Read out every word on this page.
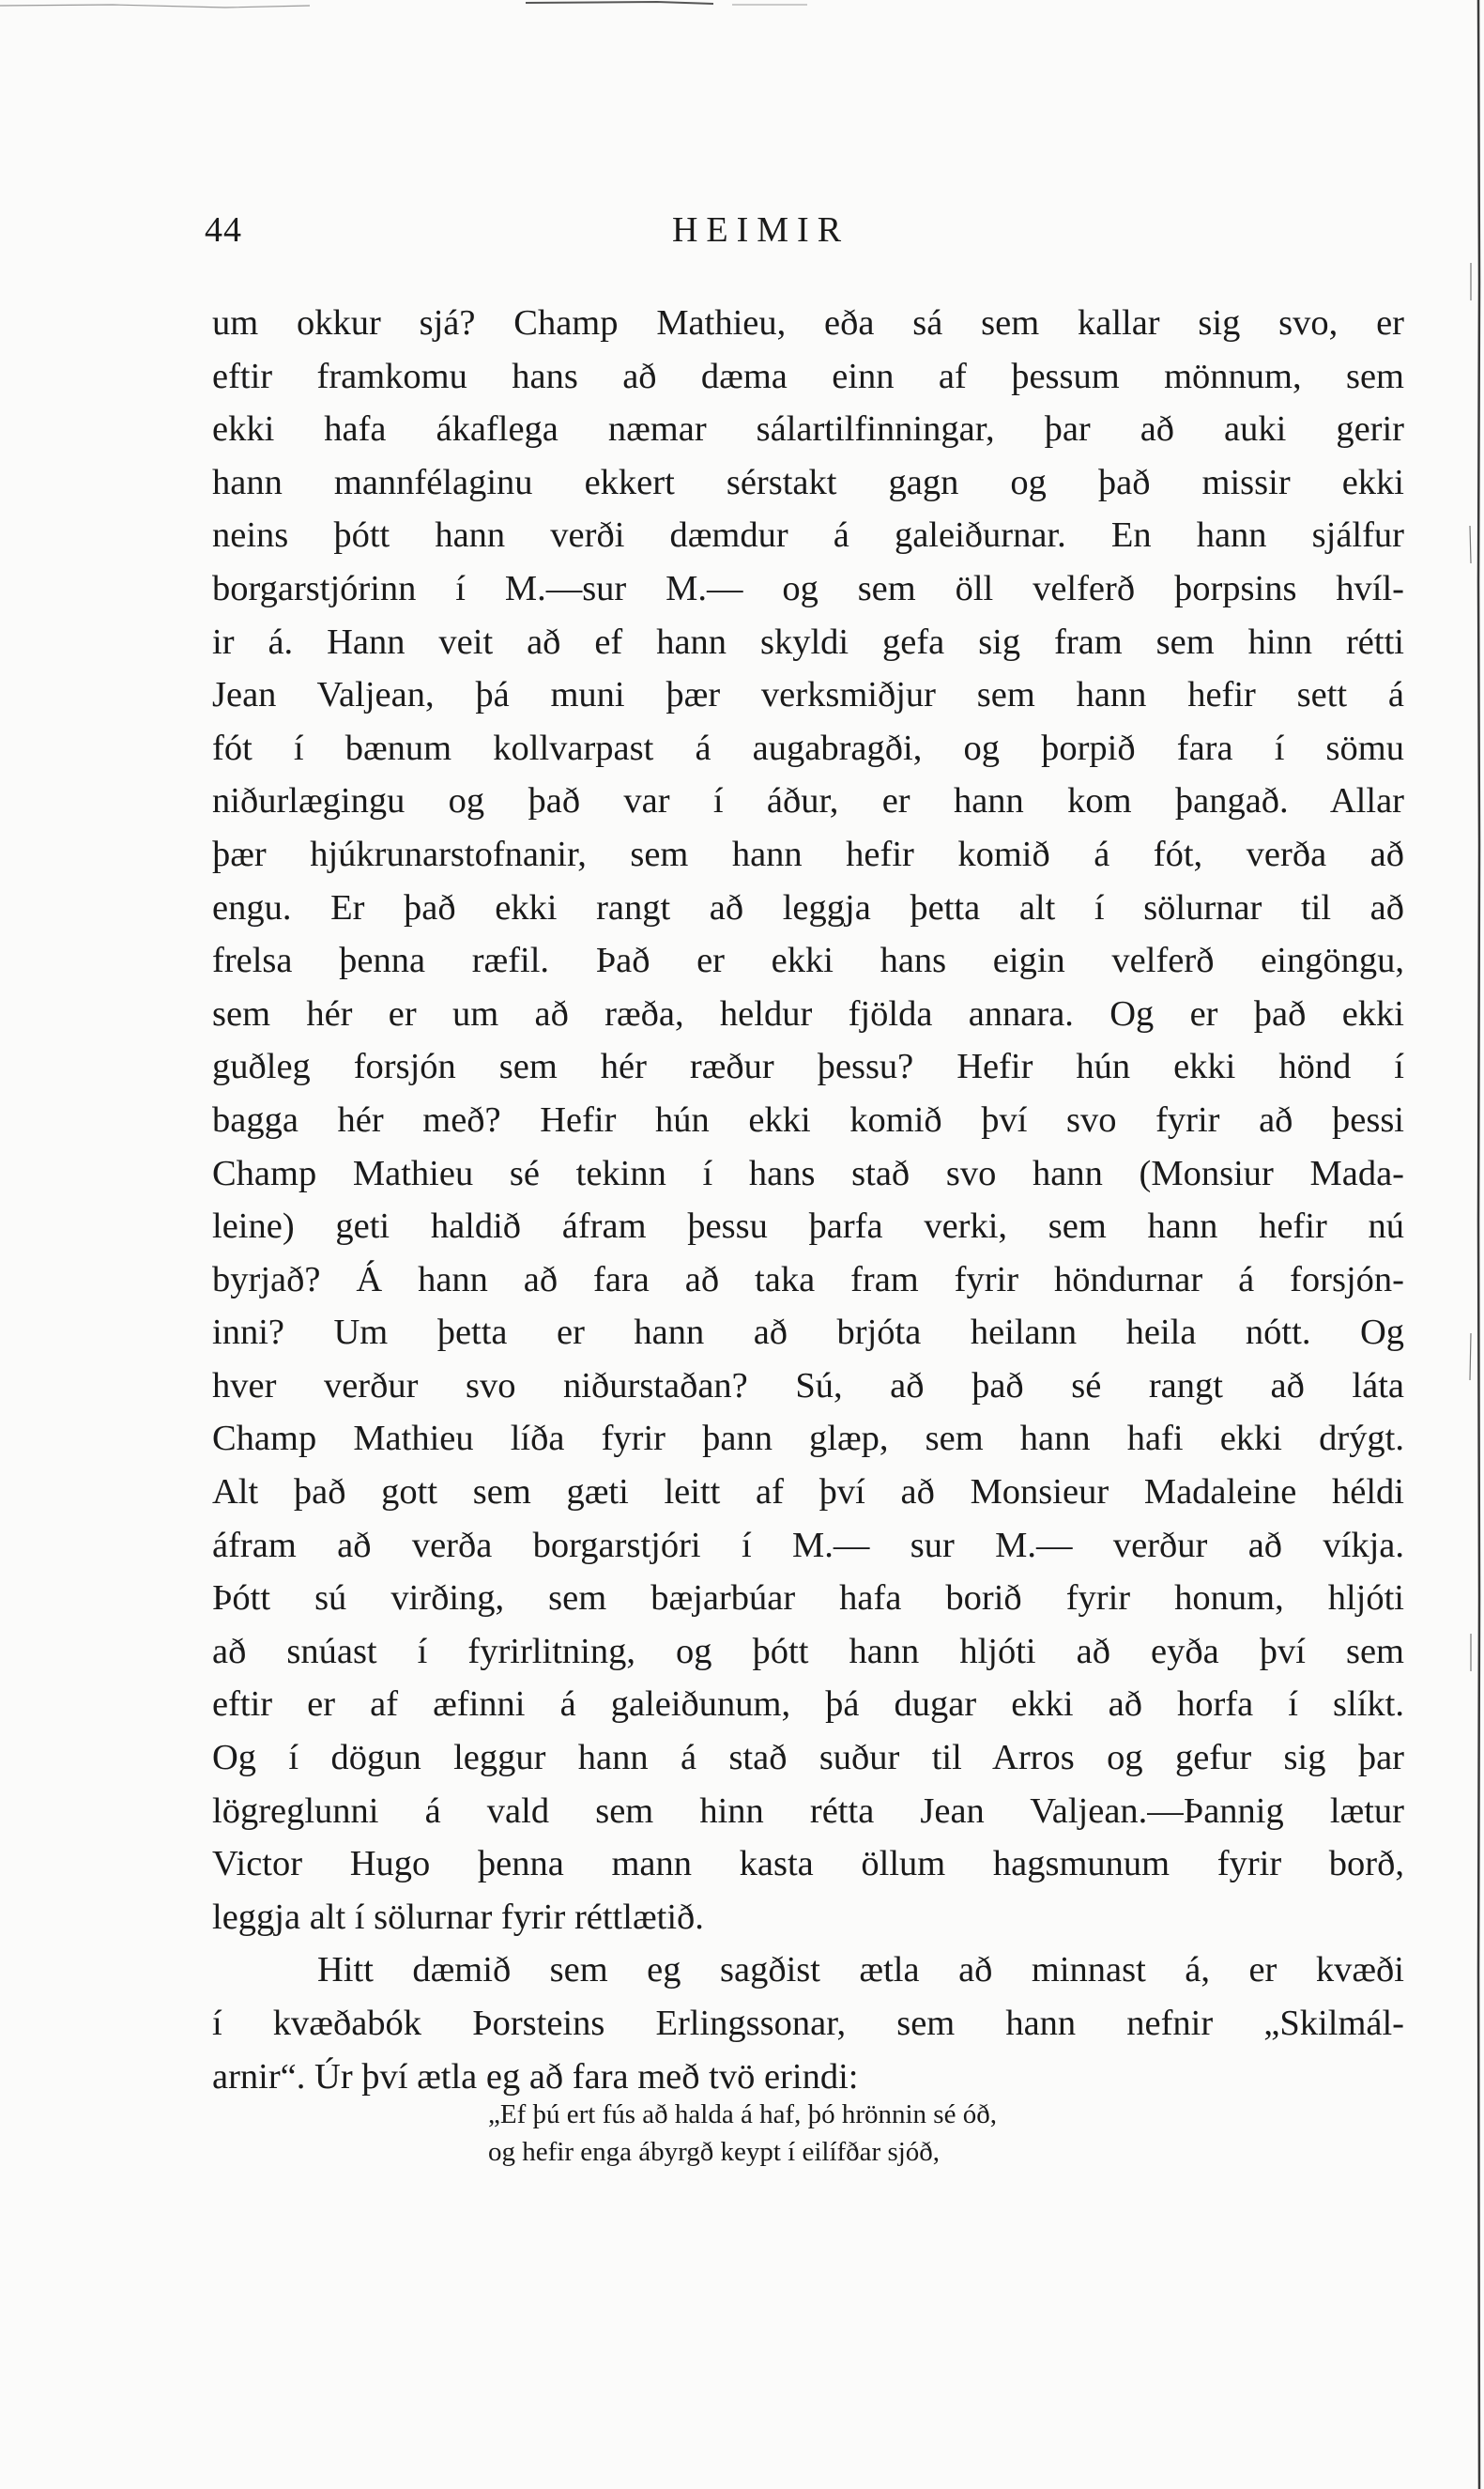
44	HEIMIR
um okkur sjá? Champ Mathieu, eða sá sem kallar sig svo, er
eftir framkomu hans að dæma einn af þessum mönnum, sem
ekki hafa ákaflega næmar sálartilfinningar, þar að auki gerir
hann mannfélaginu ekkert sérstakt gagn og það missir ekki
neins þótt hann verði dæmdur á galeiðurnar. En hann sjálfur
borgarstjórinn í M.—sur M.— og sem öll velferð þorpsins hvíl-
ir á. Hann veit að ef hann skyldi gefa sig fram sem hinn rétti
Jean Valjean, þá muni þær verksmiðjur sem hann hefir sett á
fót í bænum kollvarpast á augabragði, og þorpið fara í sömu
niðurlægingu og það var í áður, er hann kom þangað. Allar
þær hjúkrunarstofnanir, sem hann hefir komið á fót, verða að
engu. Er það ekki rangt að leggja þetta alt í sölurnar til að
frelsa þenna ræfil. Það er ekki hans eigin velferð eingöngu,
sem hér er um að ræða, heldur fjölda annara. Og er það ekki
guðleg forsjón sem hér ræður þessu? Hefir hún ekki hönd í
bagga hér með? Hefir hún ekki komið því svo fyrir að þessi
Champ Mathieu sé tekinn í hans stað svo hann (Monsiur Mada-
leine) geti haldið áfram þessu þarfa verki, sem hann hefir nú
byrjað? Á hann að fara að taka fram fyrir höndurnar á forsjón-
inni? Um þetta er hann að brjóta heilann heila nótt. Og
hver verður svo niðurstaðan? Sú, að það sé rangt að láta
Champ Mathieu líða fyrir þann glæp, sem hann hafi ekki drýgt.
Alt það gott sem gæti leitt af því að Monsieur Madaleine héldi
áfram að verða borgarstjóri í M.— sur M.— verður að víkja.
Þótt sú virðing, sem bæjarbúar hafa borið fyrir honum, hljóti
að snúast í fyrirlitning, og þótt hann hljóti að eyða því sem
eftir er af æfinni á galeiðunum, þá dugar ekki að horfa í slíkt.
Og í dögun leggur hann á stað suður til Arros og gefur sig þar
lögreglunni á vald sem hinn rétta Jean Valjean.—Þannig lætur
Victor Hugo þenna mann kasta öllum hagsmunum fyrir borð,
leggja alt í sölurnar fyrir réttlætið.
Hitt dæmið sem eg sagðist ætla að minnast á, er kvæði
í kvæðabók Þorsteins Erlingssonar, sem hann nefnir „Skilmál-
arnir“. Úr því ætla eg að fara með tvö erindi:
„Ef þú ert fús að halda á haf, þó hrönnin sé óð,
og hefir enga ábyrgð keypt í eilífðar sjóð,
